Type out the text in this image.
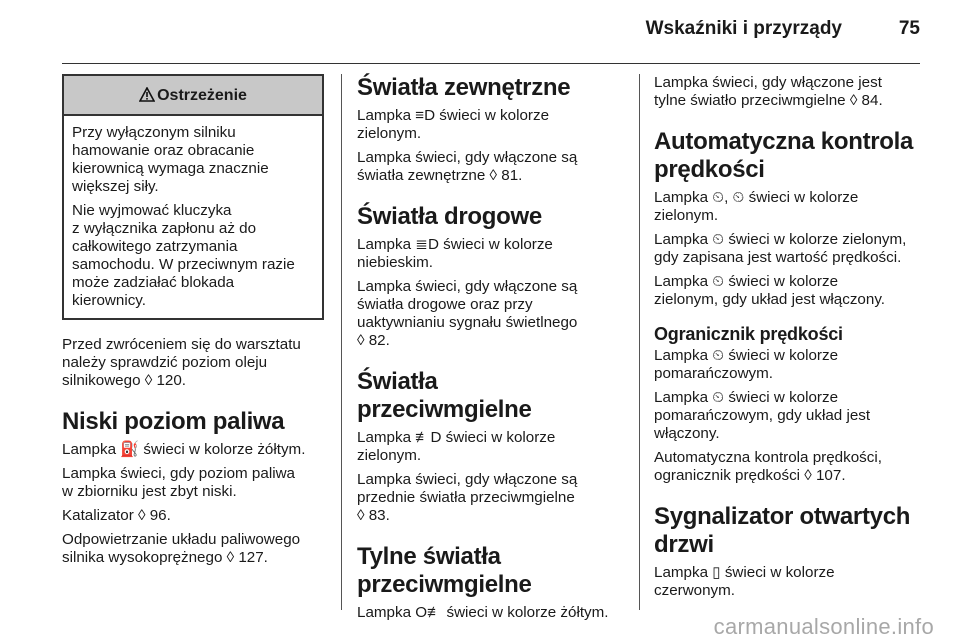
Wskaźniki i przyrządy	75
Ostrzeżenie

Przy wyłączonym silniku
hamowanie oraz obracanie
kierownicą wymaga znacznie
większej siły.

Nie wyjmować kluczyka
z wyłącznika zapłonu aż do
całkowitego zatrzymania
samochodu. W przeciwnym razie
może zadziałać blokada
kierownicy.

Przed zwróceniem się do warsztatu
należy sprawdzić poziom oleju
silnikowego ◊ 120.

Niski poziom paliwa

Lampka ⛽ świeci w kolorze żółtym.

Lampka świeci, gdy poziom paliwa
w zbiorniku jest zbyt niski.

Katalizator ◊ 96.

Odpowietrzanie układu paliwowego
silnika wysokoprężnego ◊ 127.

Światła zewnętrzne

Lampka ≡D świeci w kolorze
zielonym.

Lampka świeci, gdy włączone są
światła zewnętrzne ◊ 81.

Światła drogowe

Lampka ≣D świeci w kolorze
niebieskim.

Lampka świeci, gdy włączone są
światła drogowe oraz przy
uaktywnianiu sygnału świetlnego
◊ 82.

Światła przeciwmgielne

Lampka ≢D świeci w kolorze
zielonym.

Lampka świeci, gdy włączone są
przednie światła przeciwmgielne
◊ 83.

Tylne światła
przeciwmgielne

Lampka O≢ świeci w kolorze żółtym.

Lampka świeci, gdy włączone jest
tylne światło przeciwmgielne ◊ 84.

Automatyczna kontrola
prędkości

Lampka ⏲, ⏲ świeci w kolorze
zielonym.

Lampka ⏲ świeci w kolorze zielonym,
gdy zapisana jest wartość prędkości.

Lampka ⏲ świeci w kolorze
zielonym, gdy układ jest włączony.

Ogranicznik prędkości

Lampka ⏲ świeci w kolorze
pomarańczowym.

Lampka ⏲ świeci w kolorze
pomarańczowym, gdy układ jest
włączony.

Automatyczna kontrola prędkości,
ogranicznik prędkości ◊ 107.

Sygnalizator otwartych
drzwi

Lampka ▯ świeci w kolorze
czerwonym.

carmanualsonline.info
